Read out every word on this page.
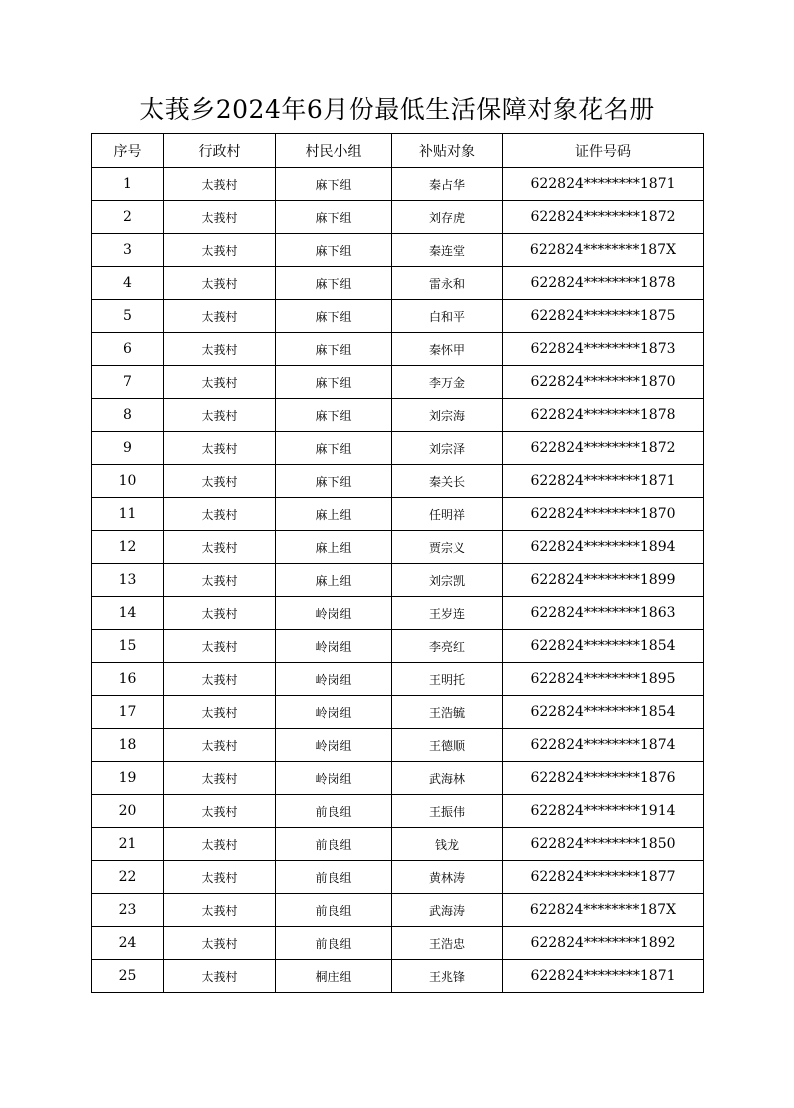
太莪乡2024年6月份最低生活保障对象花名册
序号	行政村	村民小组	补贴对象	证件号码
1	太莪村	麻下组	秦占华	622824********1871
2	太莪村	麻下组	刘存虎	622824********1872
3	太莪村	麻下组	秦连堂	622824********187X
4	太莪村	麻下组	雷永和	622824********1878
5	太莪村	麻下组	白和平	622824********1875
6	太莪村	麻下组	秦怀甲	622824********1873
7	太莪村	麻下组	李万金	622824********1870
8	太莪村	麻下组	刘宗海	622824********1878
9	太莪村	麻下组	刘宗泽	622824********1872
10	太莪村	麻下组	秦关长	622824********1871
11	太莪村	麻上组	任明祥	622824********1870
12	太莪村	麻上组	贾宗义	622824********1894
13	太莪村	麻上组	刘宗凯	622824********1899
14	太莪村	岭岗组	王岁连	622824********1863
15	太莪村	岭岗组	李亮红	622824********1854
16	太莪村	岭岗组	王明托	622824********1895
17	太莪村	岭岗组	王浩毓	622824********1854
18	太莪村	岭岗组	王德顺	622824********1874
19	太莪村	岭岗组	武海林	622824********1876
20	太莪村	前良组	王振伟	622824********1914
21	太莪村	前良组	钱龙	622824********1850
22	太莪村	前良组	黄林涛	622824********1877
23	太莪村	前良组	武海涛	622824********187X
24	太莪村	前良组	王浩忠	622824********1892
25	太莪村	桐庄组	王兆锋	622824********1871
